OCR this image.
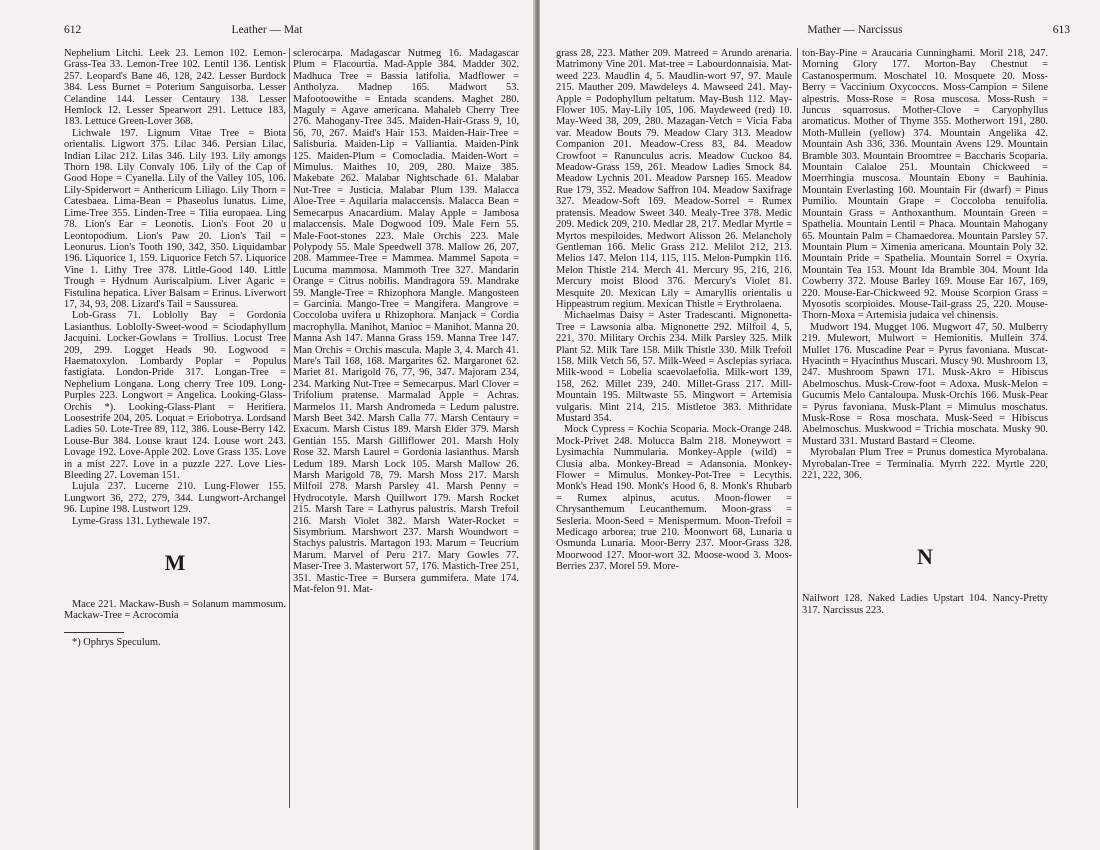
612	Leather — Mat

Nephelium Litchi. Leek 23. Lemon 102. Lemon-Grass-Tea 33. Lemon-Tree 102. Lentil 136. Lentisk 257. Leopard's Bane 46, 128, 242. Lesser Burdock 384. Less Burnet = Poterium Sanguisorba. Lesser Celandine 144. Lesser Centaury 138. Lesser Hemlock 12. Lesser Spearwort 291. Lettuce 183, 183. Lettuce Green-Lover 368.

Lichwale 197. Lignum Vitae Tree = Biota orientalis. Ligwort 375. Lilac 346. Persian Lilac, Indian Lilac 212. Lilas 346. Lily 193. Lily amongs Thorn 198. Lily Convaly 106. Lily of the Cap of Good Hope = Cyanella. Lily of the Valley 105, 106. Lily-Spiderwort = Anthericum Liliago. Lily Thorn = Catesbaea. Lima-Bean = Phaseolus lunatus. Lime, Lime-Tree 355. Linden-Tree = Tilia europaea. Ling 78. Lion's Ear = Leonotis. Lion's Foot 20 u Leontopodium. Lion's Paw 20. Lion's Tail = Leonurus. Lion's Tooth 190, 342, 350. Liquidambar 196. Liquorice 1, 159. Liquorice Fetch 57. Liquorice Vine 1. Lithy Tree 378. Little-Good 140. Little Trough = Hydnum Auriscalpium. Liver Agaric = Fistulina hepatica. Liver Balsam = Erinus. Liverwort 17, 34, 93, 208. Lizard's Tail = Saussurea.

Lob-Grass 71. Loblolly Bay = Gordonia Lasianthus. Loblolly-Sweet-wood = Sciodaphyllum Jacquini. Locker-Gowlans = Trollius. Locust Tree 209, 299. Logget Heads 90. Logwood = Haematoxylon. Lombardy Poplar = Populus fastigiata. London-Pride 317. Longan-Tree = Nephelium Longana. Long cherry Tree 109. Long-Purples 223. Longwort = Angelica. Looking-Glass-Orchis *). Looking-Glass-Plant = Heritiera. Loosestrife 204, 205. Loquat = Eriobotrya. Lordsand Ladies 50. Lote-Tree 89, 112, 386. Louse-Berry 142. Louse-Bur 384. Louse kraut 124. Louse wort 243. Lovage 192. Love-Apple 202. Love Grass 135. Love in a mist 227. Love in a puzzle 227. Love Lies-Bleeding 27. Loveman 151.

Lujula 237. Lucerne 210. Lung-Flower 155. Lungwort 36, 272, 279, 344. Lungwort-Archangel 96. Lupine 198. Lustwort 129.

Lyme-Grass 131. Lythewale 197.

M

Mace 221. Mackaw-Bush = Solanum mammosum. Mackaw-Tree = Acrocomia

*) Ophrys Speculum.

sclerocarpa. Madagascar Nutmeg 16. Madagascar Plum = Flacourtia. Mad-Apple 384. Madder 302. Madhuca Tree = Bassia latifolia. Madflower = Antholyza. Madnep 165. Madwort 53. Mafootoowithe = Entada scandens. Maghet 280. Maguly = Agave americana. Mahaleb Cherry Tree 276. Mahogany-Tree 345. Maiden-Hair-Grass 9, 10, 56, 70, 267. Maid's Hair 153. Maiden-Hair-Tree = Salisburia. Maiden-Lip = Valliantia. Maiden-Pink 125. Maiden-Plum = Comocladia. Maiden-Wort = Mimulus. Maithes 10, 209, 280. Maize 385. Makebate 262. Malabar Nightschade 61. Malabar Nut-Tree = Justicia. Malabar Plum 139. Malacca Aloe-Tree = Aquilaria malaccensis. Malacca Bean = Semecarpus Anacardium. Malay Apple = Jambosa malaccensis. Male Dogwood 109. Male Fern 55. Male-Foot-stones 223. Male Orchis 223. Male Polypody 55. Male Speedwell 378. Mallow 26, 207, 208. Mammee-Tree = Mammea. Mammel Sapota = Lucuma mammosa. Mammoth Tree 327. Mandarin Orange = Citrus nobilis. Mandragora 59. Mandrake 59. Mangle-Tree = Rhizophora Mangle. Mangosteen = Garcinia. Mango-Tree = Mangifera. Mangrove = Coccoloba uvifera u Rhizophora. Manjack = Cordia macrophylla. Manihot, Manioc = Manihot. Manna 20. Manna Ash 147. Manna Grass 159. Manna Tree 147. Man Orchis = Orchis mascula. Maple 3, 4. March 41. Mare's Tail 168, 168. Margarites 62. Margaronet 62. Mariet 81. Marigold 76, 77, 96, 347. Majoram 234, 234. Marking Nut-Tree = Semecarpus. Marl Clover = Trifolium pratense. Marmalad Apple = Achras. Marmelos 11. Marsh Andromeda = Ledum palustre. Marsh Beet 342. Marsh Calla 77. Marsh Centaury = Exacum. Marsh Cistus 189. Marsh Elder 379. Marsh Gentian 155. Marsh Gilliflower 201. Marsh Holy Rose 32. Marsh Laurel = Gordonia lasianthus. Marsh Ledum 189. Marsh Lock 105. Marsh Mallow 26. Marsh Marigold 78, 79. Marsh Moss 217. Marsh Milfoil 278. Marsh Parsley 41. Marsh Penny = Hydrocotyle. Marsh Quillwort 179. Marsh Rocket 215. Marsh Tare = Lathyrus palustris. Marsh Trefoil 216. Marsh Violet 382. Marsh Water-Rocket = Sisymbrium. Marshwort 237. Marsh Woundwort = Stachys palustris. Martagon 193. Marum = Teucrium Marum. Marvel of Peru 217. Mary Gowles 77. Maser-Tree 3. Masterwort 57, 176. Mastich-Tree 251, 351. Mastic-Tree = Bursera gummifera. Mate 174. Mat-felon 91. Mat-

Mather — Narcissus	613

grass 28, 223. Mather 209. Matreed = Arundo arenaria. Matrimony Vine 201. Mat-tree = Labourdonnaisia. Mat-weed 223. Maudlin 4, 5. Maudlin-wort 97, 97. Maule 215. Mauther 209. Mawdeleys 4. Mawseed 241. May-Apple = Podophyllum peltatum. May-Bush 112. May-Flower 105. May-Lily 105, 106. Maydeweed (red) 10. May-Weed 38, 209, 280. Mazagan-Vetch = Vicia Faba var. Meadow Bouts 79. Meadow Clary 313. Meadow Companion 201. Meadow-Cress 83, 84. Meadow Crowfoot = Ranunculus acris. Meadow Cuckoo 84. Meadow-Grass 159, 261. Meadow Ladies Smock 84. Meadow Lychnis 201. Meadow Parsnep 165. Meadow Rue 179, 352. Meadow Saffron 104. Meadow Saxifrage 327. Meadow-Soft 169. Meadow-Sorrel = Rumex pratensis. Meadow Sweet 340. Mealy-Tree 378. Medic 209. Medick 209, 210. Medlar 28, 217. Medlar Myrtle = Myrtos mespiloides. Medwort Alisson 26. Melancholy Gentleman 166. Melic Grass 212. Melilot 212, 213. Melios 147. Melon 114, 115, 115. Melon-Pumpkin 116. Melon Thistle 214. Merch 41. Mercury 95, 216, 216. Mercury moist Blood 376. Mercury's Violet 81. Mesquite 20. Mexican Lily = Amaryllis orientalis u Hippeastrum regium. Mexican Thistle = Erythrolaena.

Michaelmas Daisy = Aster Tradescanti. Mignonetta-Tree = Lawsonia alba. Mignonette 292. Milfoil 4, 5, 221, 370. Military Orchis 234. Milk Parsley 325. Milk Plant 52. Milk Tare 158. Milk Thistle 330. Milk Trefoil 158. Milk Vetch 56, 57. Milk-Weed = Asclepias syriaca. Milk-wood = Lobelia scaevolaefolia. Milk-wort 139, 158, 262. Millet 239, 240. Millet-Grass 217. Mill-Mountain 195. Miltwaste 55. Mingwort = Artemisia vulgaris. Mint 214, 215. Mistletoe 383. Mithridate Mustard 354.

Mock Cypress = Kochia Scoparia. Mock-Orange 248. Mock-Privet 248. Molucca Balm 218. Moneywort = Lysimachia Nummularia. Monkey-Apple (wild) = Clusia alba. Monkey-Bread = Adansonia. Monkey-Flower = Mimulus. Monkey-Pot-Tree = Lecythis. Monk's Head 190. Monk's Hood 6, 8. Monk's Rhubarb = Rumex alpinus, acutus. Moon-flower = Chrysanthemum Leucanthemum. Moon-grass = Sesleria. Moon-Seed = Menispermum. Moon-Trefoil = Medicago arborea; true 210. Moonwort 68, Lunaria u Osmunda Lunaria. Moor-Berry 237. Moor-Grass 328. Moorwood 127. Moor-wort 32. Moose-wood 3. Moos-Berries 237. Morel 59. More-

ton-Bay-Pine = Araucaria Cunninghami. Moril 218, 247. Morning Glory 177. Morton-Bay Chestnut = Castanospermum. Moschatel 10. Mosquete 20. Moss-Berry = Vaccinium Oxycoccos. Moss-Campion = Silene alpestris. Moss-Rose = Rosa muscosa. Moss-Rush = Juncus squarrosus. Mother-Clove = Caryophyllus aromaticus. Mother of Thyme 355. Motherwort 191, 280. Moth-Mullein (yellow) 374. Mountain Angelika 42. Mountain Ash 336, 336. Mountain Avens 129. Mountain Bramble 303. Mountain Broomtree = Baccharis Scoparia. Mountain Calaloe 251. Mountain Chickweed = Moerrhingia muscosa. Mountain Ebony = Bauhinia. Mountain Everlasting 160. Mountain Fir (dwarf) = Pinus Pumilio. Mountain Grape = Coccoloba tenuifolia. Mountain Grass = Anthoxanthum. Mountain Green = Spathelia. Mountain Lentil = Phaca. Mountain Mahogany 65. Mountain Palm = Chamaedorea. Mountain Parsley 57. Mountain Plum = Ximenia americana. Mountain Poly 32. Mountain Pride = Spathelia. Mountain Sorrel = Oxyria. Mountain Tea 153. Mount Ida Bramble 304. Mount Ida Cowberry 372. Mouse Barley 169. Mouse Ear 167, 169, 220. Mouse-Ear-Chickweed 92. Mouse Scorpion Grass = Myosotis scorpioides. Mouse-Tail-grass 25, 220. Mouse-Thorn-Moxa = Artemisia judaica vel chinensis.

Mudwort 194. Mugget 106. Mugwort 47, 50. Mulberry 219. Mulewort, Mulwort = Hemionitis. Mullein 374. Mullet 176. Muscadine Pear = Pyrus favoniana. Muscat-Hyacinth = Hyacinthus Muscari. Muscy 90. Mushroom 13, 247. Mushroom Spawn 171. Musk-Akro = Hibiscus Abelmoschus. Musk-Crow-foot = Adoxa. Musk-Melon = Gucumis Melo Cantaloupa. Musk-Orchis 166. Musk-Pear = Pyrus favoniana. Musk-Plant = Mimulus moschatus. Musk-Rose = Rosa moschata. Musk-Seed = Hibiscus Abelmoschus. Muskwood = Trichia moschata. Musky 90. Mustard 331. Mustard Bastard = Cleome.

Myrobalan Plum Tree = Prunus domestica Myrobalana. Myrobalan-Tree = Terminalia. Myrrh 222. Myrtle 220, 221, 222, 306.

N

Nailwort 128. Naked Ladies Upstart 104. Nancy-Pretty 317. Narcissus 223.
